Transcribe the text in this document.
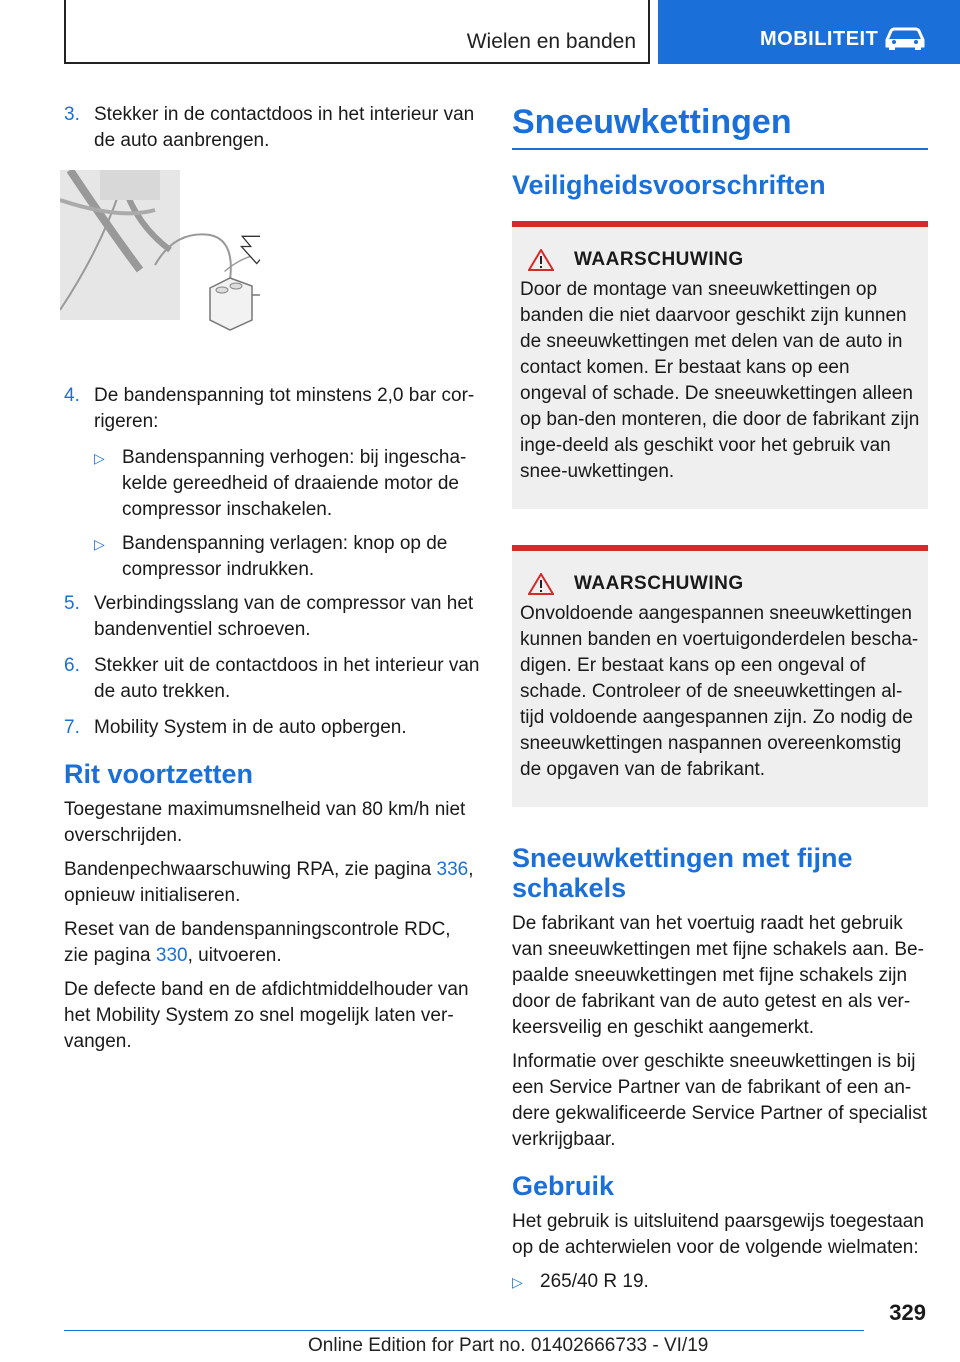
Wielen en banden	MOBILITEIT
3. Stekker in de contactdoos in het interieur van de auto aanbrengen.
4. De bandenspanning tot minstens 2,0 bar cor-rigeren:
▷ Bandenspanning verhogen: bij ingescha-kelde gereedheid of draaiende motor de compressor inschakelen.
▷ Bandenspanning verlagen: knop op de compressor indrukken.
5. Verbindingsslang van de compressor van het bandenventiel schroeven.
6. Stekker uit de contactdoos in het interieur van de auto trekken.
7. Mobility System in de auto opbergen.
Rit voortzetten

Toegestane maximumsnelheid van 80 km/h niet overschrijden.

Bandenpechwaarschuwing RPA, zie pagina 336, opnieuw initialiseren.

Reset van de bandenspanningscontrole RDC, zie pagina 330, uitvoeren.

De defecte band en de afdichtmiddelhouder van het Mobility System zo snel mogelijk laten ver-vangen.

Sneeuwkettingen
Veiligheidsvoorschriften
WAARSCHUWING

Door de montage van sneeuwkettingen op banden die niet daarvoor geschikt zijn kunnen de sneeuwkettingen met delen van de auto in contact komen. Er bestaat kans op een ongeval of schade. De sneeuwkettingen alleen op ban-den monteren, die door de fabrikant zijn inge-deeld als geschikt voor het gebruik van snee-uwkettingen.

WAARSCHUWING

Onvoldoende aangespannen sneeuwkettingen kunnen banden en voertuigonderdelen bescha-digen. Er bestaat kans op een ongeval of schade. Controleer of de sneeuwkettingen al-tijd voldoende aangespannen zijn. Zo nodig de sneeuwkettingen naspannen overeenkomstig de opgaven van de fabrikant.

Sneeuwkettingen met fijne schakels

De fabrikant van het voertuig raadt het gebruik van sneeuwkettingen met fijne schakels aan. Be-paalde sneeuwkettingen met fijne schakels zijn door de fabrikant van de auto getest en als ver-keersveilig en geschikt aangemerkt.

Informatie over geschikte sneeuwkettingen is bij een Service Partner van de fabrikant of een an-dere gekwalificeerde Service Partner of specialist verkrijgbaar.

Gebruik

Het gebruik is uitsluitend paarsgewijs toegestaan op de achterwielen voor de volgende wielmaten:

▷ 265/40 R 19.
329
Online Edition for Part no. 01402666733 - VI/19
